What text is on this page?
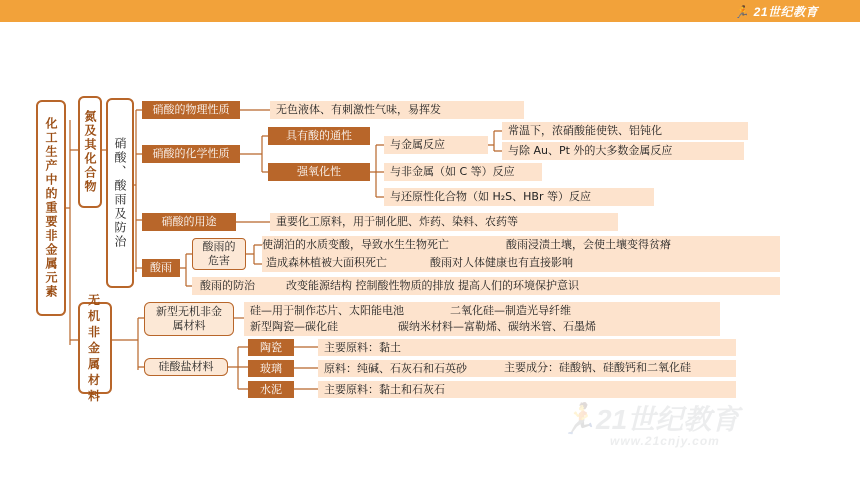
🏃 21世纪教育
🏃
21世纪教育
www.21cnjy.com
化工生产中的重要非金属元素 氮及其化合物 硝酸、酸雨及防治
硝酸的物理性质	无色液体、有刺激性气味，易挥发
硝酸的化学性质
具有酸的通性
强氧化性
与金属反应
常温下，浓硝酸能使铁、铝钝化
与除 Au、Pt 外的大多数金属反应
与非金属（如 C 等）反应
与还原性化合物（如 H₂S、HBr 等）反应
硝酸的用途	重要化工原料，用于制化肥、炸药、染料、农药等
酸雨
酸雨的危害
使湖泊的水质变酸，导致水生生物死亡	酸雨浸渍土壤，会使土壤变得贫瘠
造成森林植被大面积死亡	酸雨对人体健康也有直接影响
酸雨的防治	改变能源结构 控制酸性物质的排放 提高人们的环境保护意识
无机非金属材料
新型无机非金属材料
硅—用于制作芯片、太阳能电池	二氧化硅—制造光导纤维
新型陶瓷—碳化硅	碳纳米材料—富勒烯、碳纳米管、石墨烯
硅酸盐材料
陶瓷	主要原料：黏土
玻璃	原料：纯碱、石灰石和石英砂	主要成分：硅酸钠、硅酸钙和二氧化硅
水泥	主要原料：黏土和石灰石
